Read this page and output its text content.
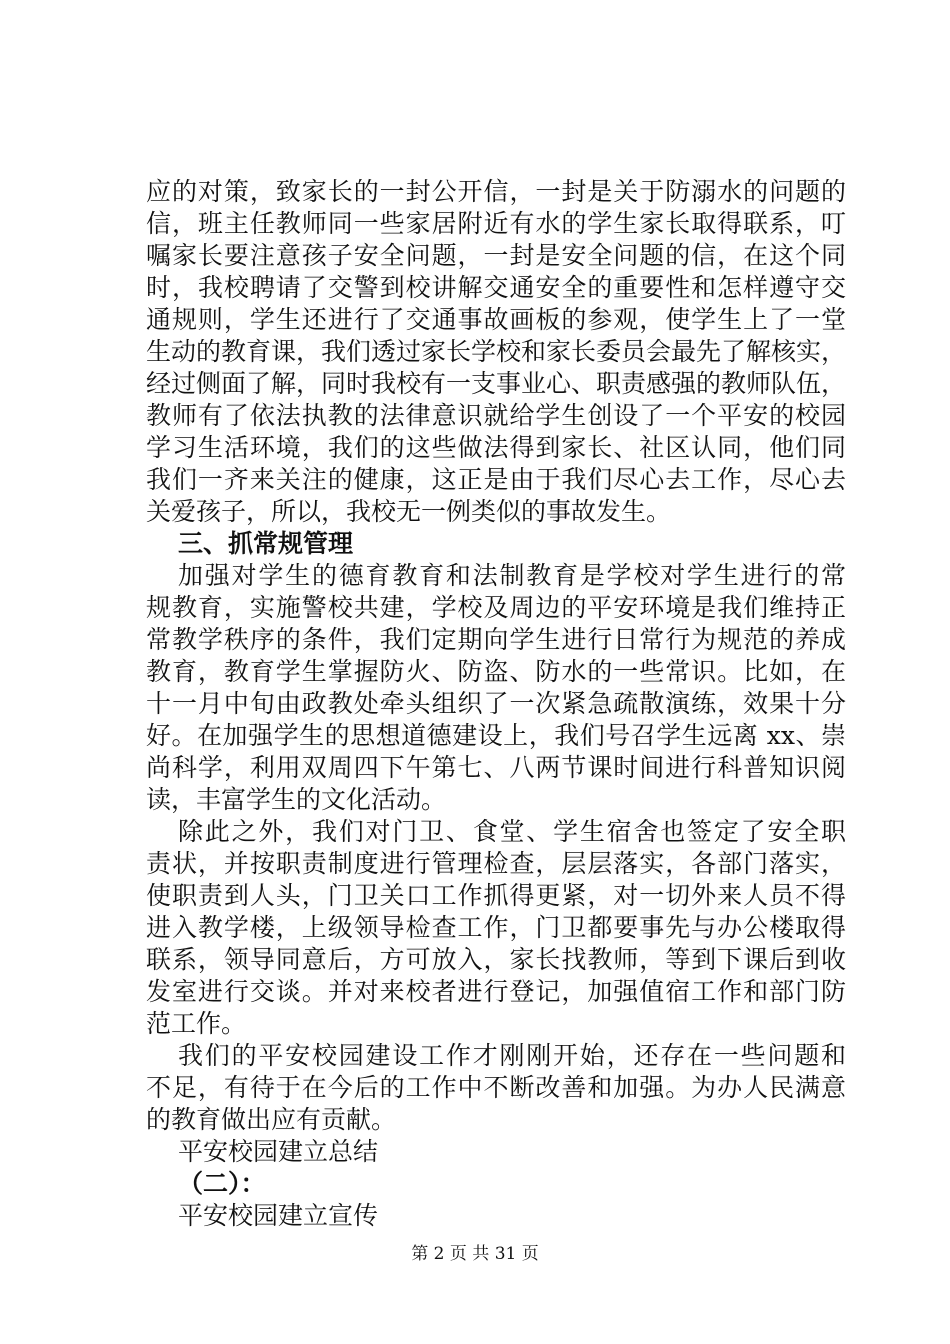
应的对策，致家长的一封公开信，一封是关于防溺水的问题的
信，班主任教师同一些家居附近有水的学生家长取得联系，叮
嘱家长要注意孩子安全问题，一封是安全问题的信，在这个同
时，我校聘请了交警到校讲解交通安全的重要性和怎样遵守交
通规则，学生还进行了交通事故画板的参观，使学生上了一堂
生动的教育课，我们透过家长学校和家长委员会最先了解核实，
经过侧面了解，同时我校有一支事业心、职责感强的教师队伍，
教师有了依法执教的法律意识就给学生创设了一个平安的校园
学习生活环境，我们的这些做法得到家长、社区认同，他们同
我们一齐来关注的健康，这正是由于我们尽心去工作，尽心去
关爱孩子，所以，我校无一例类似的事故发生。
三、抓常规管理
加强对学生的德育教育和法制教育是学校对学生进行的常
规教育，实施警校共建，学校及周边的平安环境是我们维持正
常教学秩序的条件，我们定期向学生进行日常行为规范的养成
教育，教育学生掌握防火、防盗、防水的一些常识。比如，在
十一月中旬由政教处牵头组织了一次紧急疏散演练，效果十分
好。在加强学生的思想道德建设上，我们号召学生远离 xx、崇
尚科学，利用双周四下午第七、八两节课时间进行科普知识阅
读，丰富学生的文化活动。
除此之外，我们对门卫、食堂、学生宿舍也签定了安全职
责状，并按职责制度进行管理检查，层层落实，各部门落实，
使职责到人头，门卫关口工作抓得更紧，对一切外来人员不得
进入教学楼，上级领导检查工作，门卫都要事先与办公楼取得
联系，领导同意后，方可放入，家长找教师，等到下课后到收
发室进行交谈。并对来校者进行登记，加强值宿工作和部门防
范工作。
我们的平安校园建设工作才刚刚开始，还存在一些问题和
不足，有待于在今后的工作中不断改善和加强。为办人民满意
的教育做出应有贡献。
平安校园建立总结
（二）：
平安校园建立宣传
第 2 页 共 31 页
